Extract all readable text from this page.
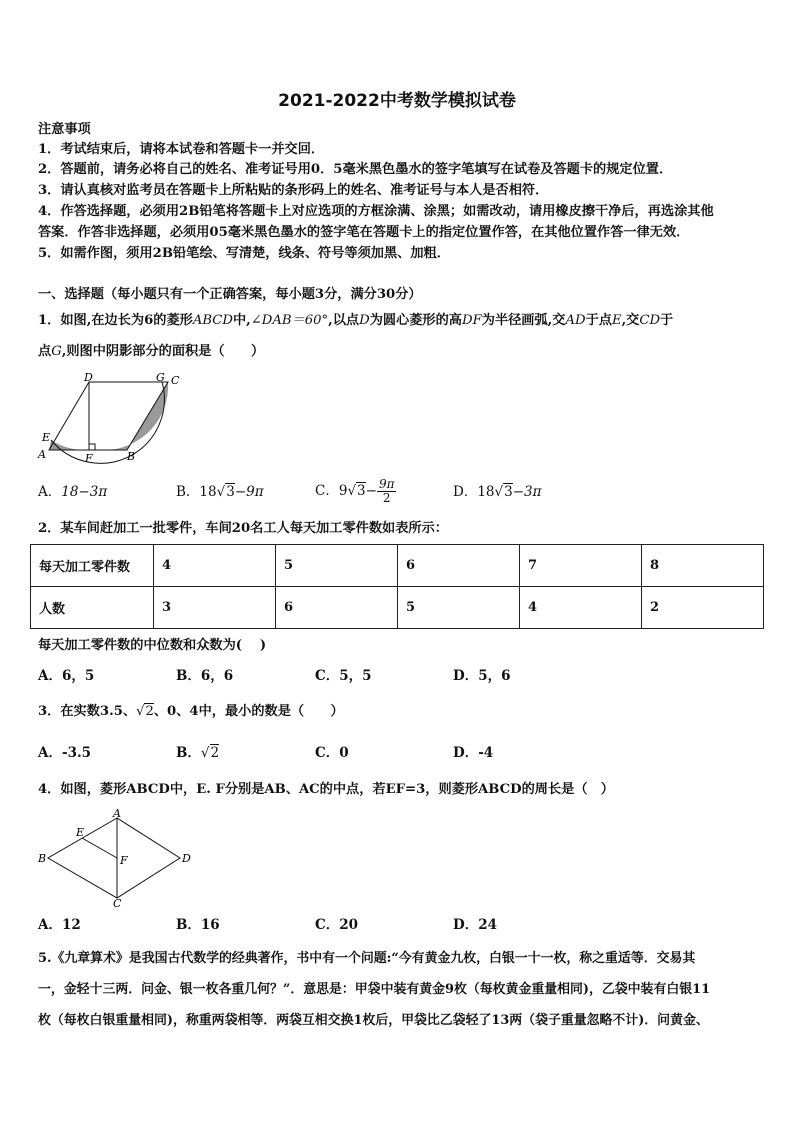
2021-2022中考数学模拟试卷
注意事项
1．考试结束后，请将本试卷和答题卡一并交回．
2．答题前，请务必将自己的姓名、准考证号用0．5毫米黑色墨水的签字笔填写在试卷及答题卡的规定位置．
3．请认真核对监考员在答题卡上所粘贴的条形码上的姓名、准考证号与本人是否相符．
4．作答选择题，必须用2B铅笔将答题卡上对应选项的方框涂满、涂黑；如需改动，请用橡皮擦干净后，再选涂其他
答案．作答非选择题，必须用05毫米黑色墨水的签字笔在答题卡上的指定位置作答，在其他位置作答一律无效．
5．如需作图，须用2B铅笔绘、写清楚，线条、符号等须加黑、加粗．
一、选择题（每小题只有一个正确答案，每小题3分，满分30分）
1．如图,在边长为6的菱形ABCD中,∠DAB＝60°,以点D为圆心菱形的高DF为半径画弧,交AD于点E,交CD于
点G,则图中阴影部分的面积是（　　）
D	G C
E
A	F	B
A．18−3π	B．18√3−9π	C．$9√3- \frac{9\pi}{2}$	D．18√3−3π
2．某车间赶加工一批零件，车间20名工人每天加工零件数如表所示：
每天加工零件数	4	5	6	7	8
人数	3	6	5	4	2
每天加工零件数的中位数和众数为(　 )
A．6，5	B．6，6	C．5，5	D．5，6
3．在实数3.5、√2、0、4中，最小的数是（　　）
A．-3.5	B．√2	C．0	D．-4
4．如图，菱形ABCD中，E. F分别是AB、AC的中点，若EF=3，则菱形ABCD的周长是（　）
A
E
B	F	D
C
A．12	B．16	C．20	D．24
5.《九章算术》是我国古代数学的经典著作，书中有一个问题:“今有黄金九枚，白银一十一枚，称之重适等．交易其
一，金轻十三两．问金、银一枚各重几何？”．意思是：甲袋中装有黄金9枚（每枚黄金重量相同)，乙袋中装有白银11
枚（每枚白银重量相同)，称重两袋相等．两袋互相交换1枚后，甲袋比乙袋轻了13两（袋子重量忽略不计)．问黄金、
